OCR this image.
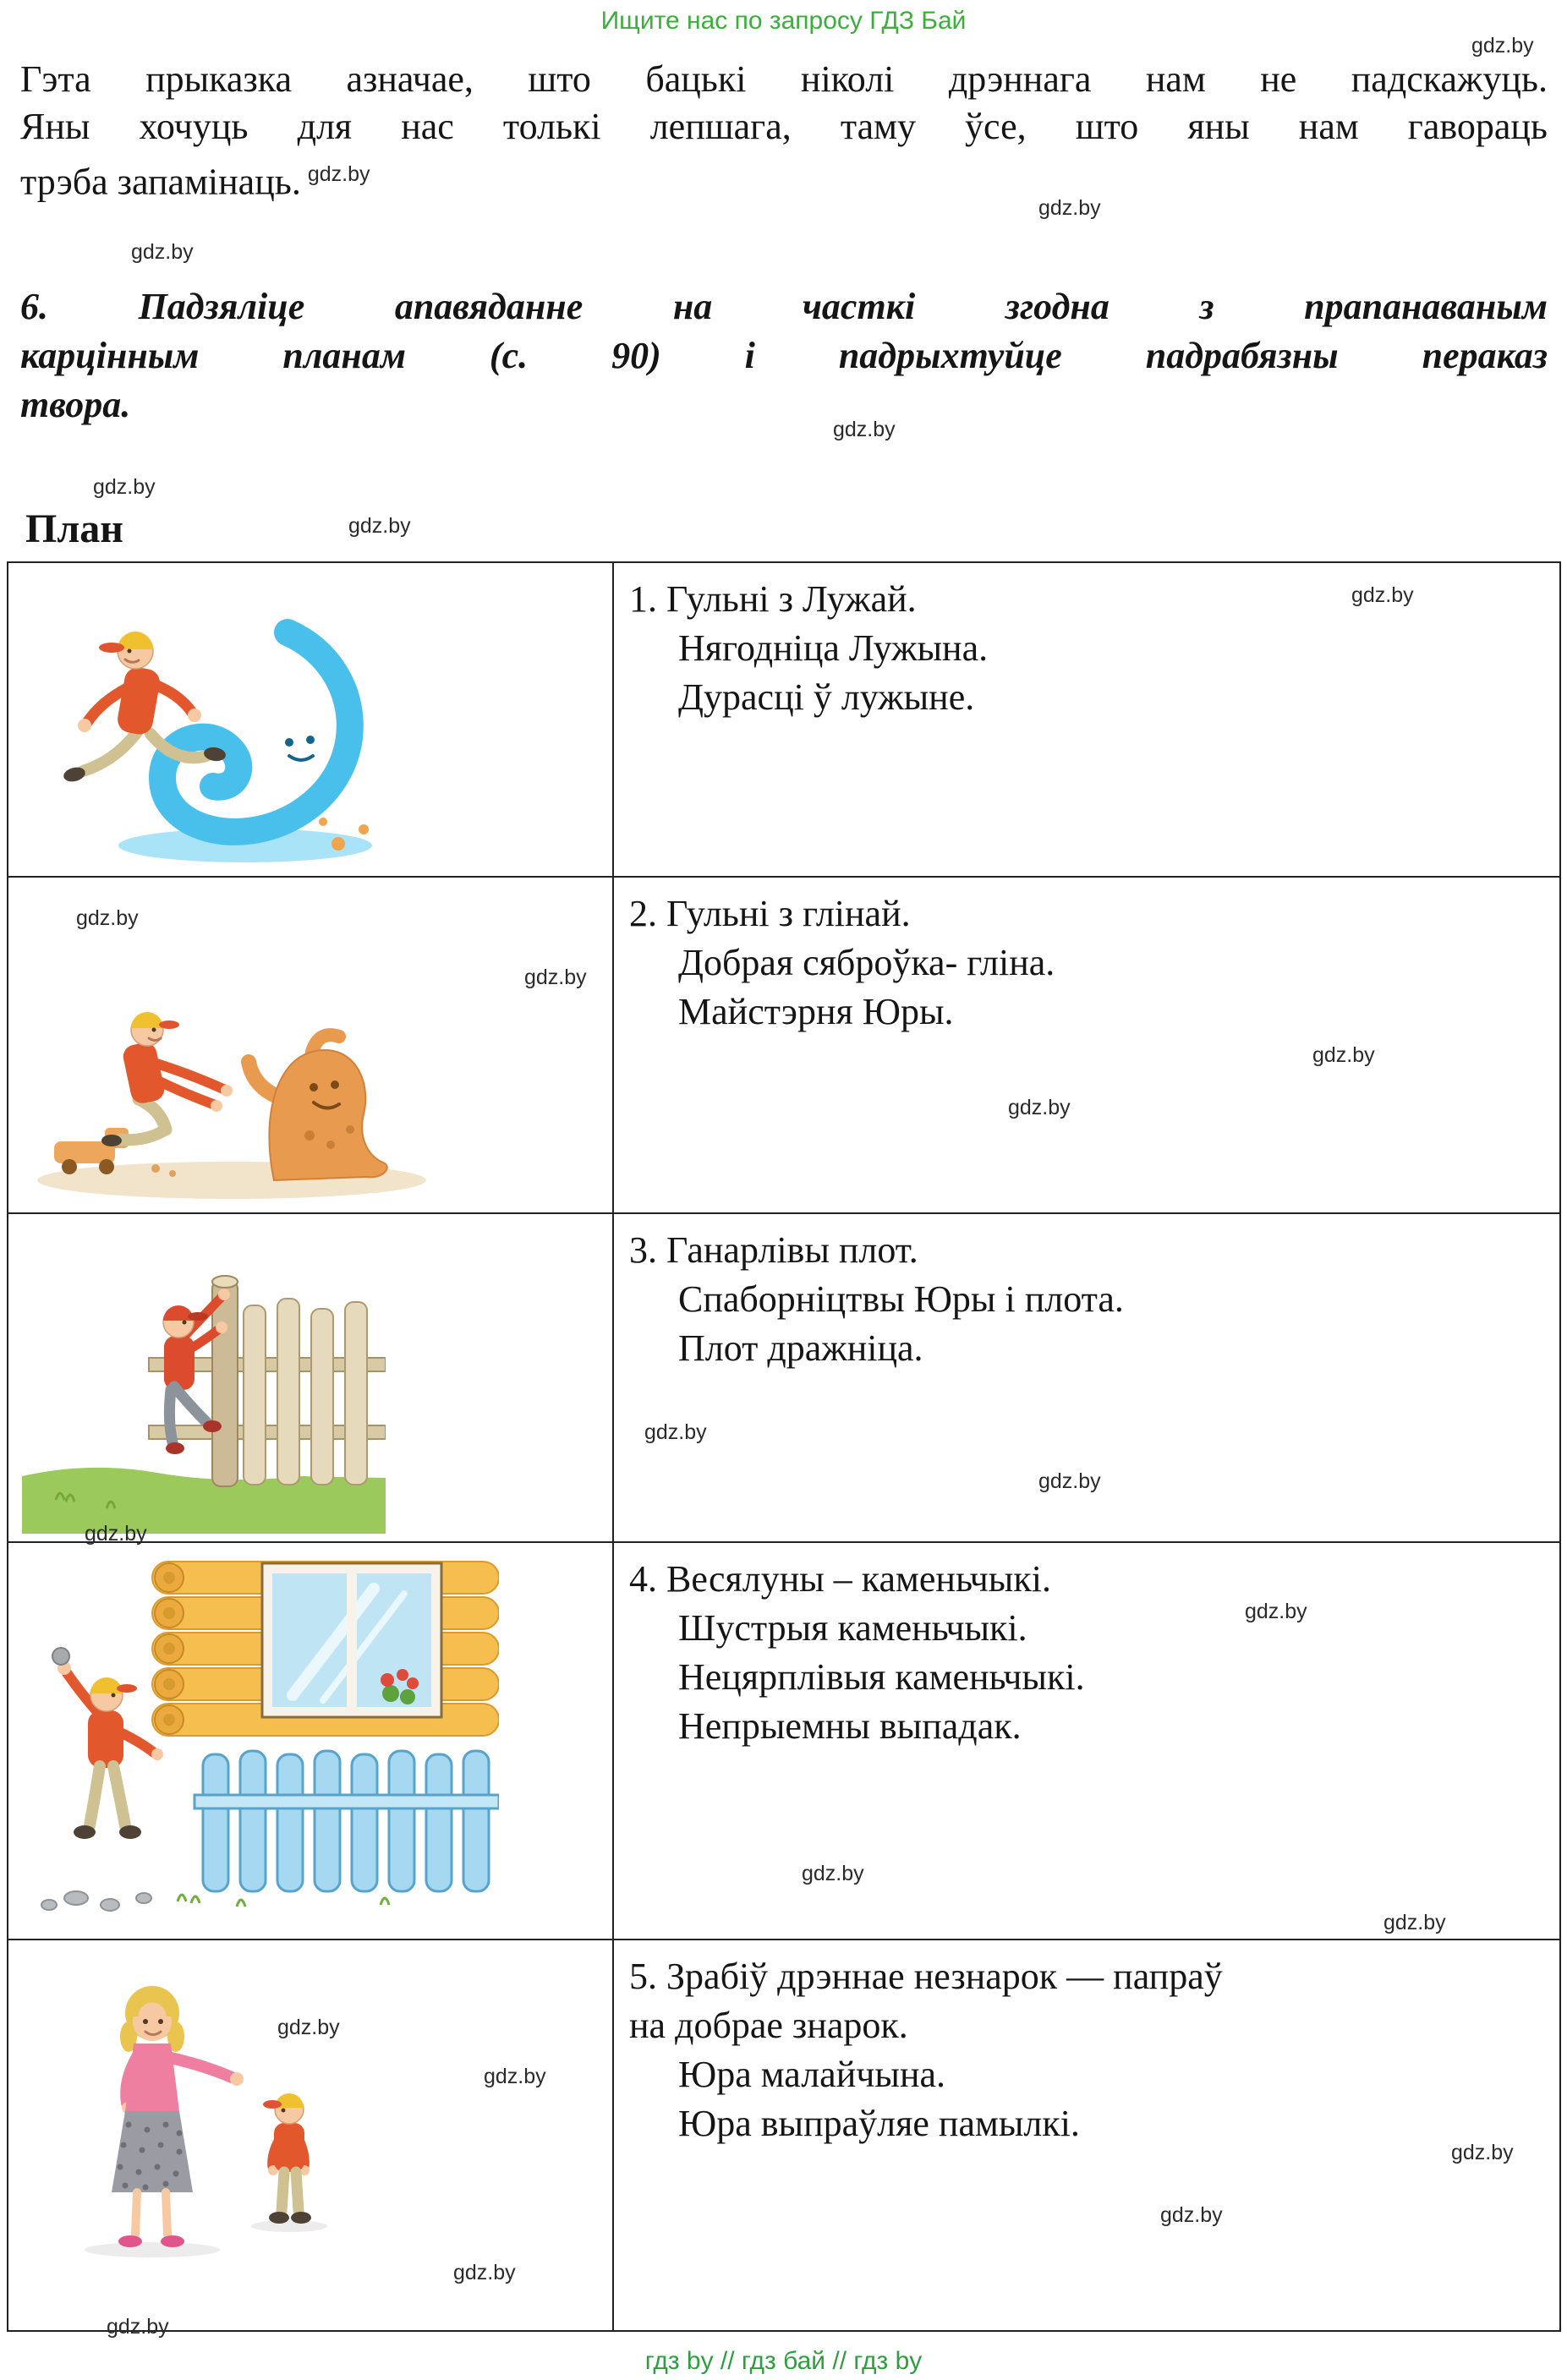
Ищите нас по запросу ГДЗ Бай
Гэта прыказка азначае, што бацькі ніколі дрэннага нам не падскажуць.
Яны хочуць для нас толькі лепшага, таму ўсе, што яны нам гавораць
трэба запамінаць. $^{gdz.by}$
6. Падзяліце апавяданне на часткі згодна з прапанаваным
карцінным планам (с. 90) і падрыхтуйце падрабязны пераказ
твора.
План
1. Гульні з Лужай.
Нягодніца Лужына.
Дурасці ў лужыне.
2. Гульні з глінай.
Добрая сяброўка- гліна.
Майстэрня Юры.
3. Ганарлівы плот.
Спаборніцтвы Юры і плота.
Плот дражніца.
4. Весялуны – каменьчыкі.
Шустрыя каменьчыкі.
Нецярплівыя каменьчыкі.
Непрыемны выпадак.
5. Зрабіў дрэннае незнарок — папраў
на добрае знарок.
Юра малайчына.
Юра выпраўляе памылкі.
gdz.by
gdz.by
gdz.by
gdz.by
gdz.by
gdz.by
gdz.by
gdz.by
gdz.by
gdz.by
gdz.by
gdz.by
gdz.by
gdz.by
gdz.by
gdz.by
gdz.by
gdz.by
gdz.by
gdz.by
gdz.by
gdz.by
gdz.by
гдз by // гдз бай // гдз by
